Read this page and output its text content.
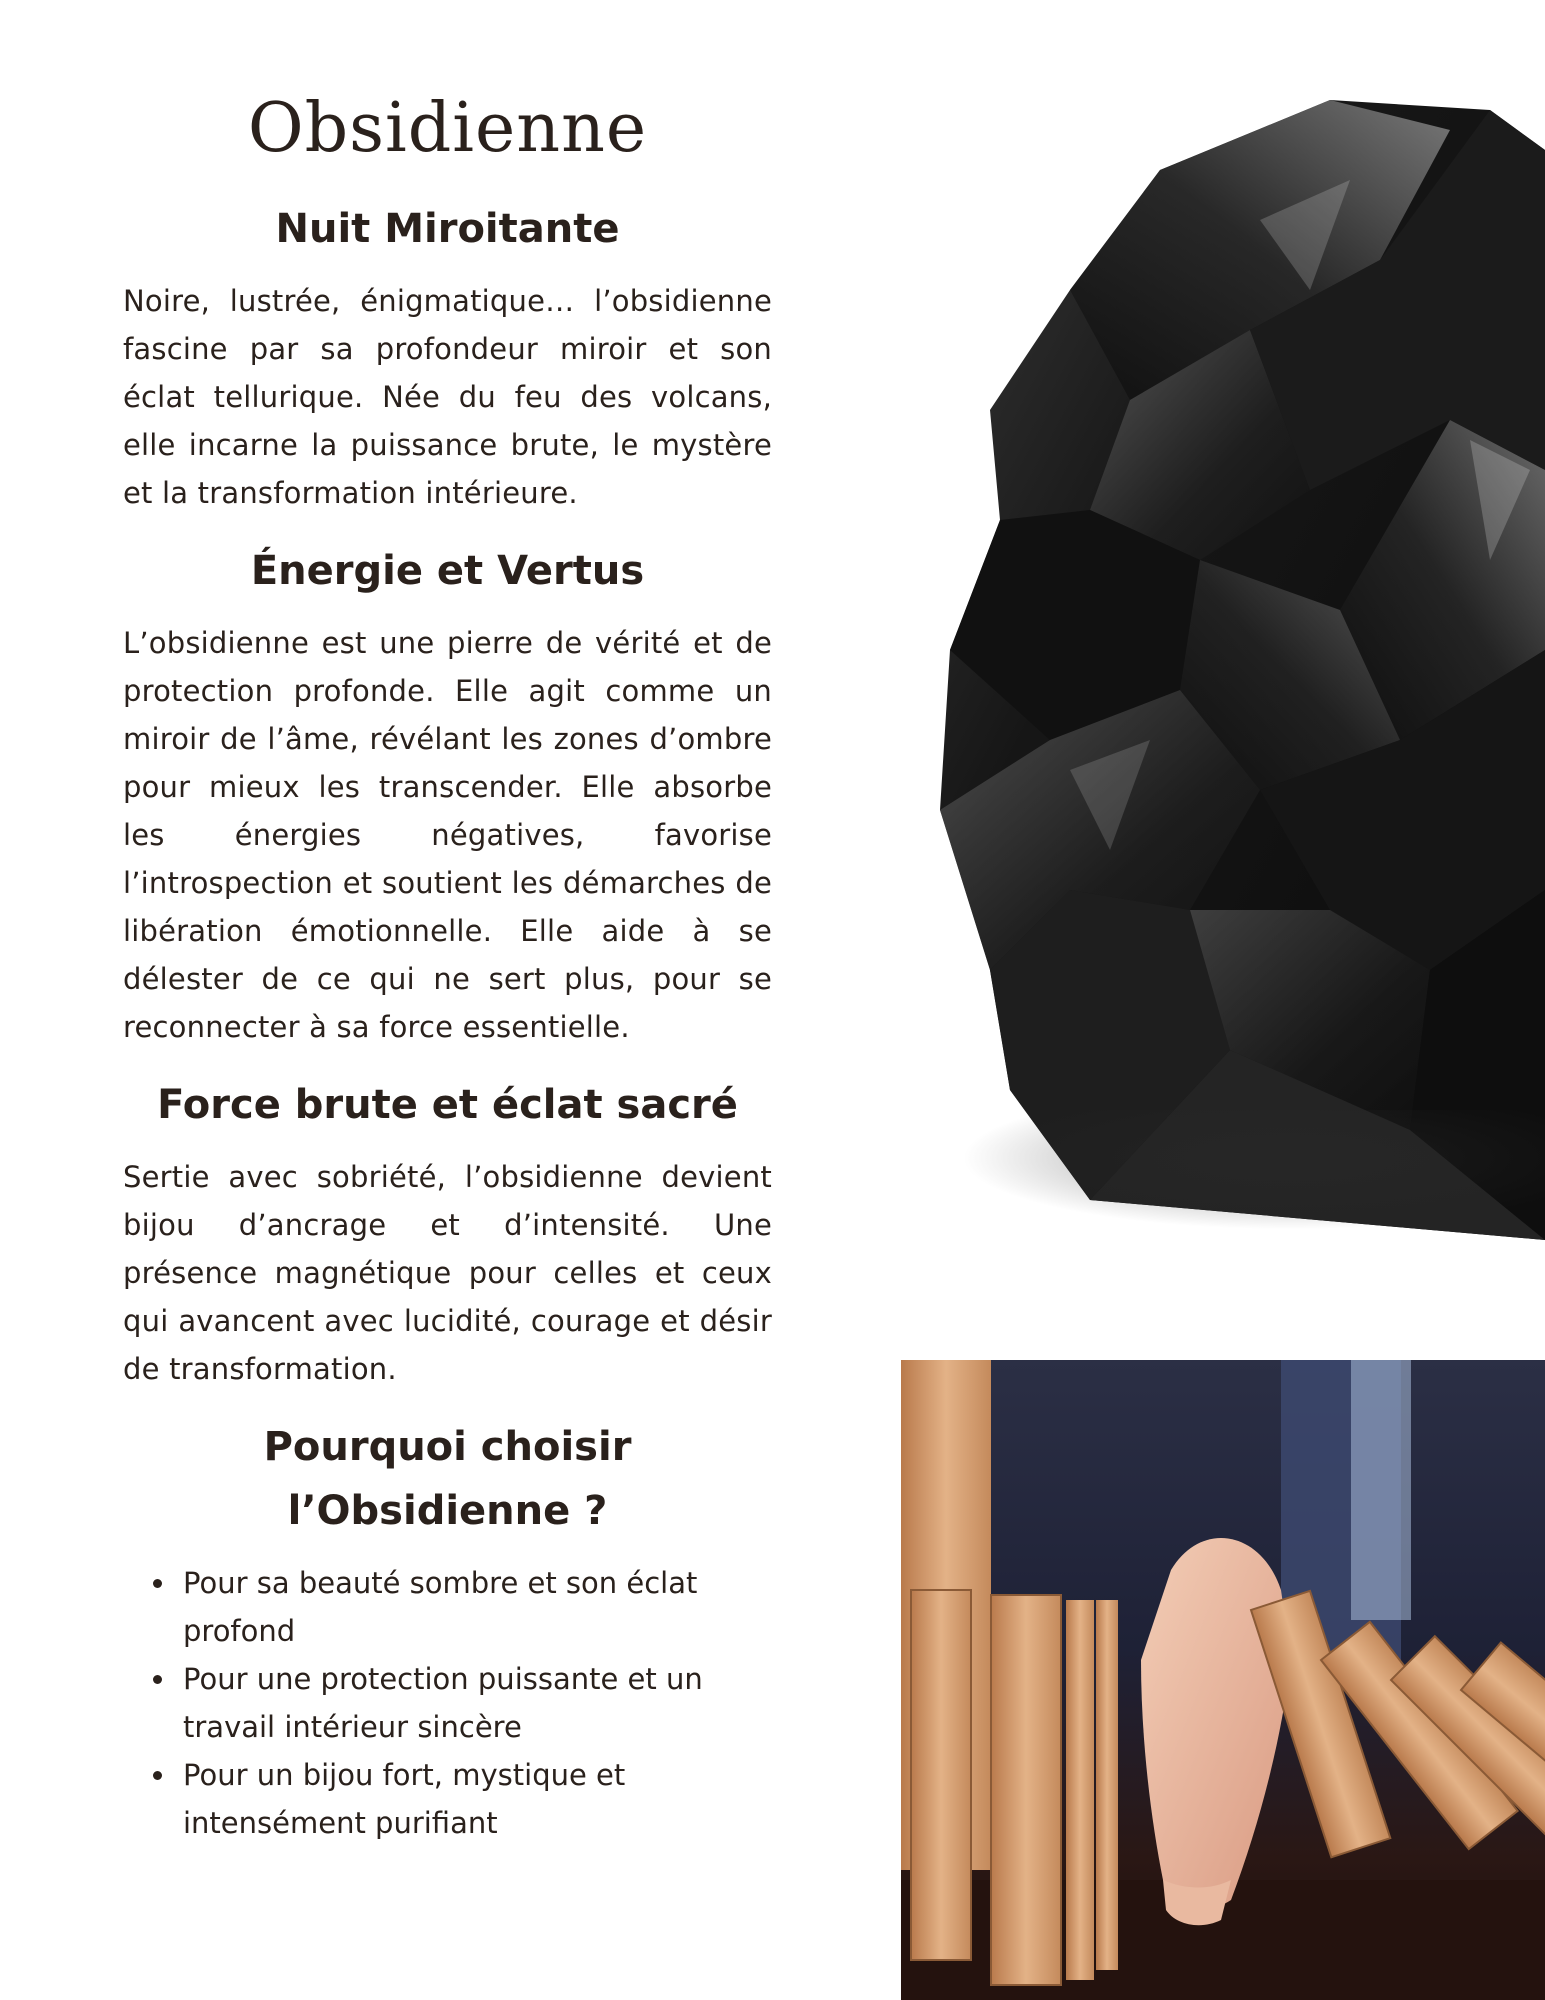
Obsidienne
Nuit Miroitante

Noire, lustrée, énigmatique… l’obsidienne fascine par sa profondeur miroir et son éclat tellurique. Née du feu des volcans, elle incarne la puissance brute, le mystère et la transformation intérieure.

Énergie et Vertus

L’obsidienne est une pierre de vérité et de protection profonde. Elle agit comme un miroir de l’âme, révélant les zones d’ombre pour mieux les transcender. Elle absorbe les énergies négatives, favorise l’introspection et soutient les démarches de libération émotionnelle. Elle aide à se délester de ce qui ne sert plus, pour se reconnecter à sa force essentielle.

Force brute et éclat sacré

Sertie avec sobriété, l’obsidienne devient bijou d’ancrage et d’intensité. Une présence magnétique pour celles et ceux qui avancent avec lucidité, courage et désir de transformation.

Pourquoi choisir
l’Obsidienne ?
Pour sa beauté sombre et son éclat profond
Pour une protection puissante et un travail intérieur sincère
Pour un bijou fort, mystique et intensément purifiant
